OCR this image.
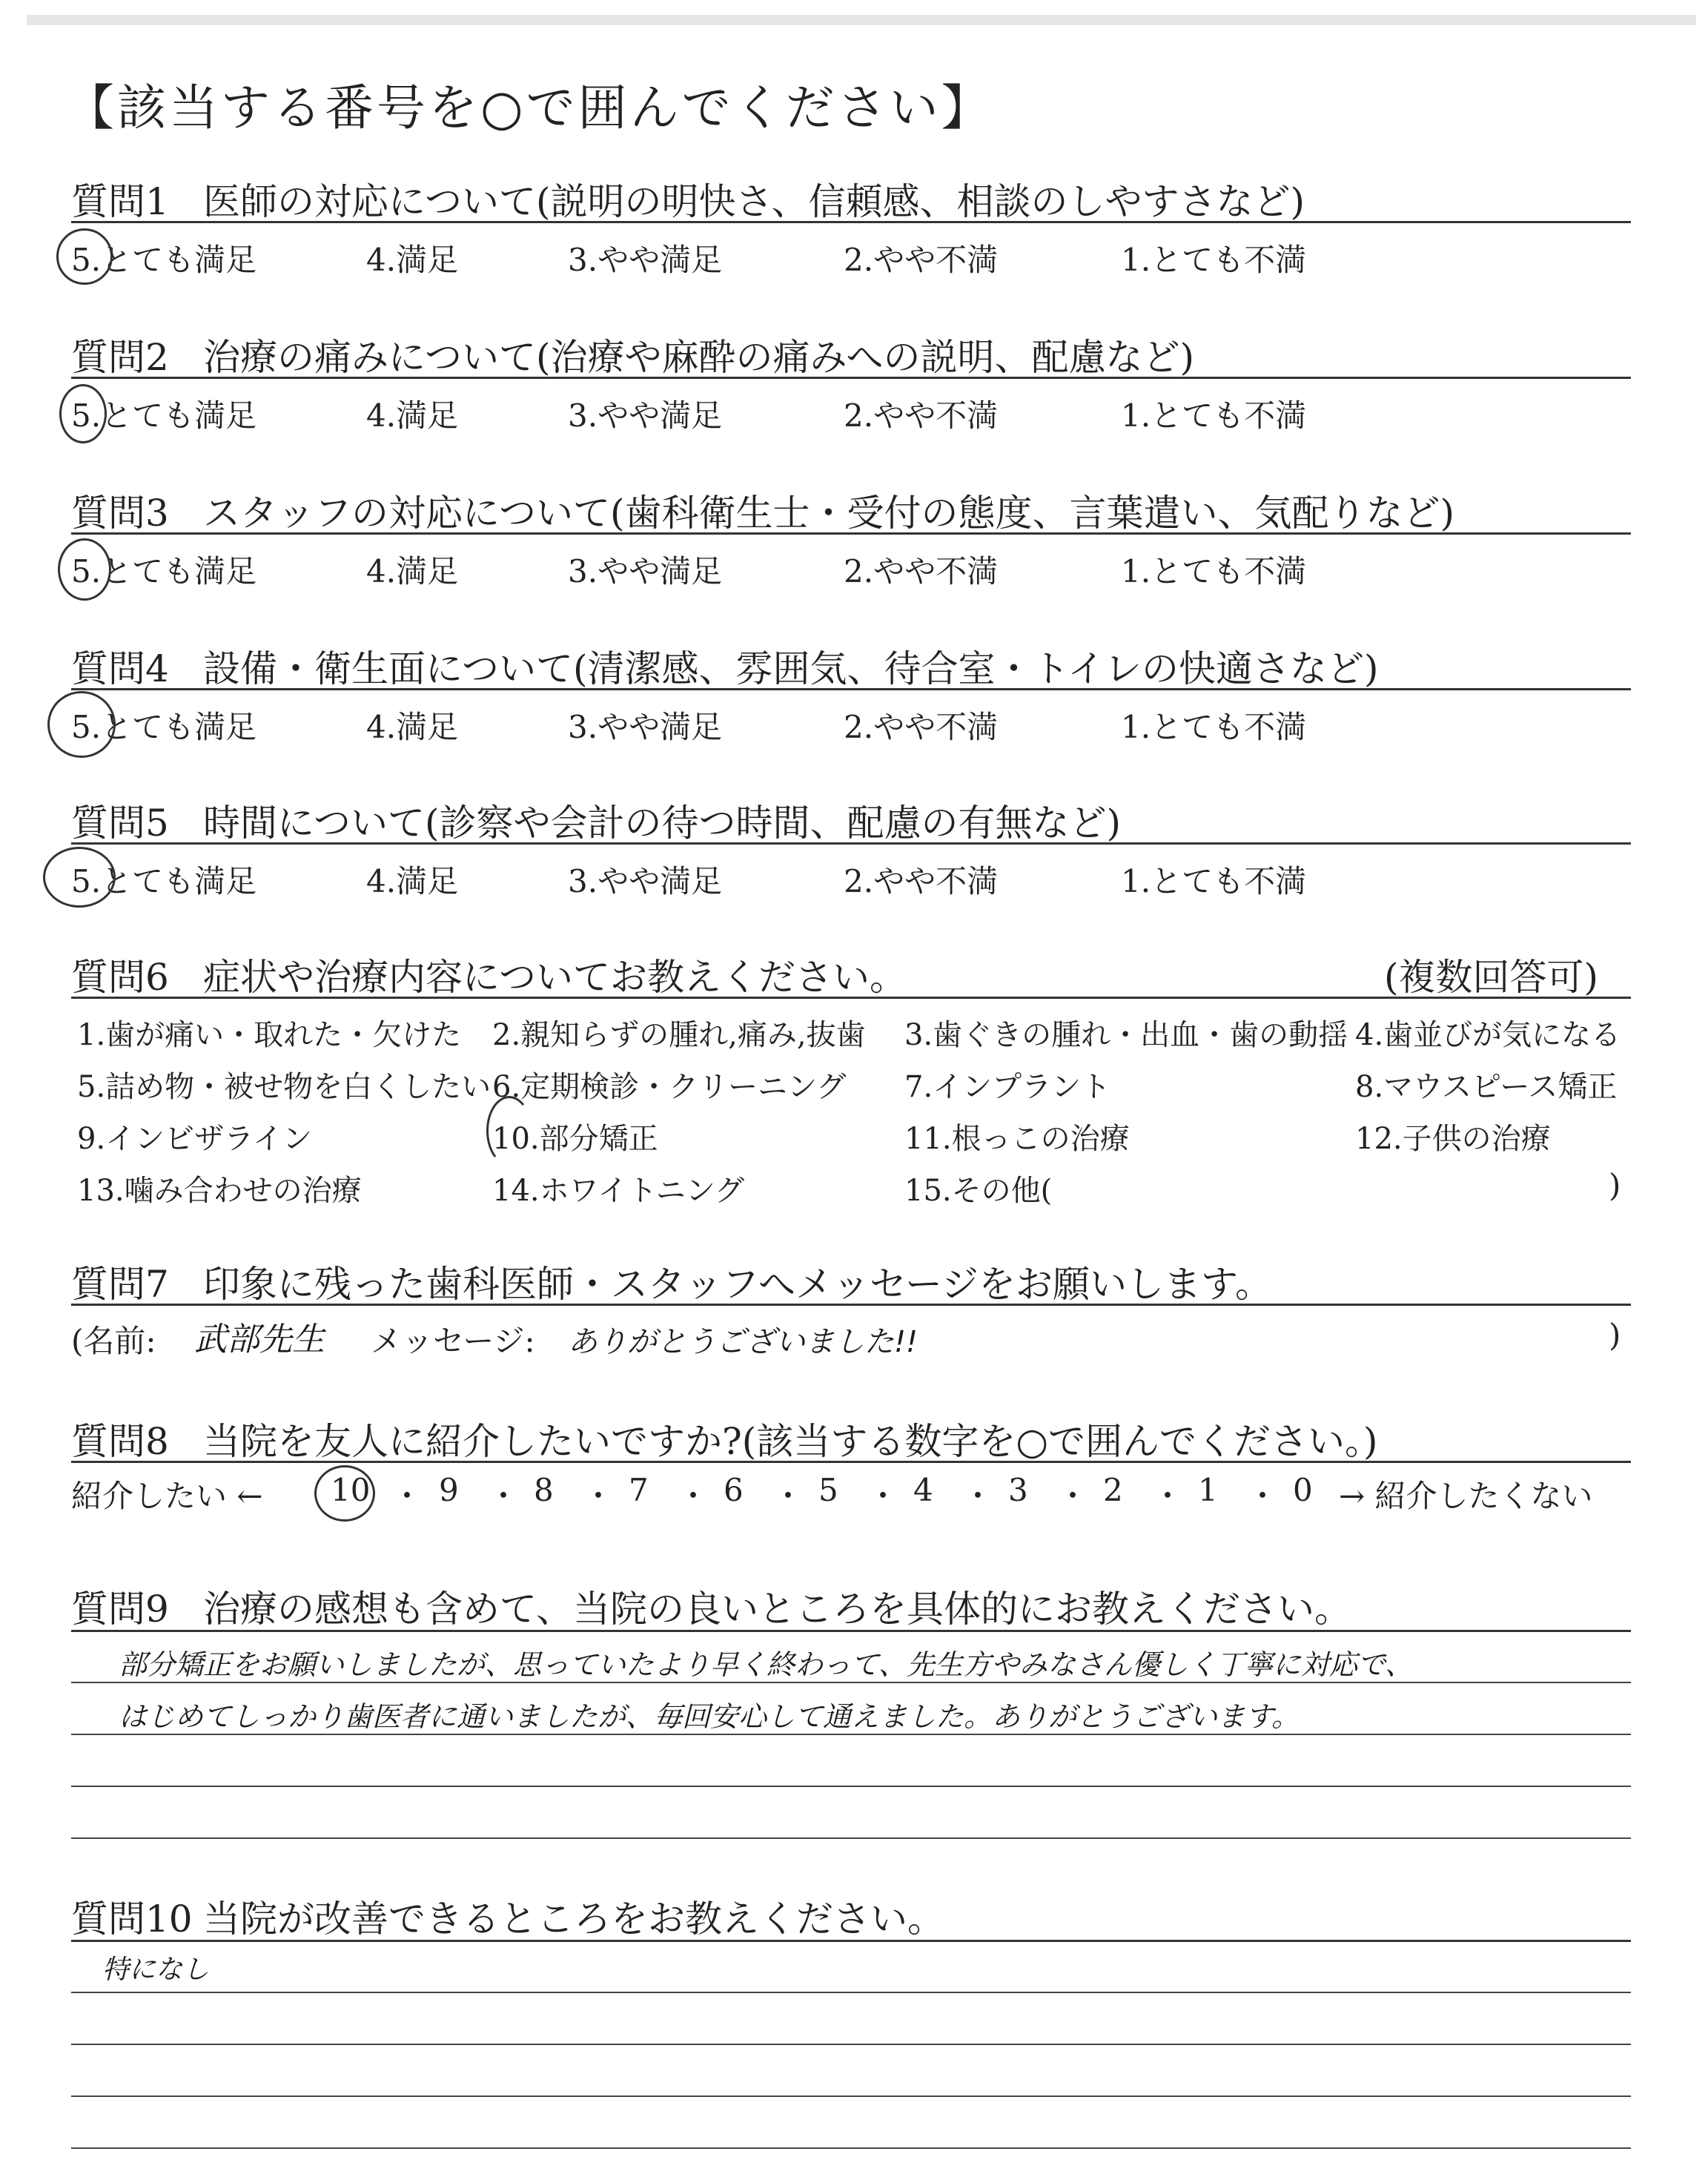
【該当する番号を○で囲んでください】
質問1 医師の対応について(説明の明快さ、信頼感、相談のしやすさなど)
5.とても満足	4.満足	3.やや満足	2.やや不満	1.とても不満
質問2 治療の痛みについて(治療や麻酔の痛みへの説明、配慮など)
5.とても満足	4.満足	3.やや満足	2.やや不満	1.とても不満
質問3 スタッフの対応について(歯科衛生士・受付の態度、言葉遣い、気配りなど)
5.とても満足	4.満足	3.やや満足	2.やや不満	1.とても不満
質問4 設備・衛生面について(清潔感、雰囲気、待合室・トイレの快適さなど)
5.とても満足	4.満足	3.やや満足	2.やや不満	1.とても不満
質問5 時間について(診察や会計の待つ時間、配慮の有無など)
5.とても満足	4.満足	3.やや満足	2.やや不満	1.とても不満
質問6 症状や治療内容についてお教えください。	(複数回答可)
1.歯が痛い・取れた・欠けた 2.親知らずの腫れ,痛み,抜歯 3.歯ぐきの腫れ・出血・歯の動揺 4.歯並びが気になる
5.詰め物・被せ物を白くしたい 6.定期検診・クリーニング 7.インプラント	8.マウスピース矯正
9.インビザライン	10.部分矯正	11.根っこの治療	12.子供の治療
13.噛み合わせの治療	14.ホワイトニング	15.その他(	)
質問7 印象に残った歯科医師・スタッフへメッセージをお願いします。
(名前: 武部先生 メッセージ: ありがとうございました!!	)
質問8 当院を友人に紹介したいですか?(該当する数字を○で囲んでください。)
紹介したい ← 10 ・ 9 ・ 8 ・ 7 ・ 6 ・ 5 ・ 4 ・ 3 ・ 2 ・ 1 ・ 0 → 紹介したくない
質問9 治療の感想も含めて、当院の良いところを具体的にお教えください。
部分矯正をお願いしましたが、思っていたより早く終わって、先生方やみなさん優しく丁寧に対応で、
はじめてしっかり歯医者に通いましたが、毎回安心して通えました。ありがとうございます。
質問10 当院が改善できるところをお教えください。
特になし
